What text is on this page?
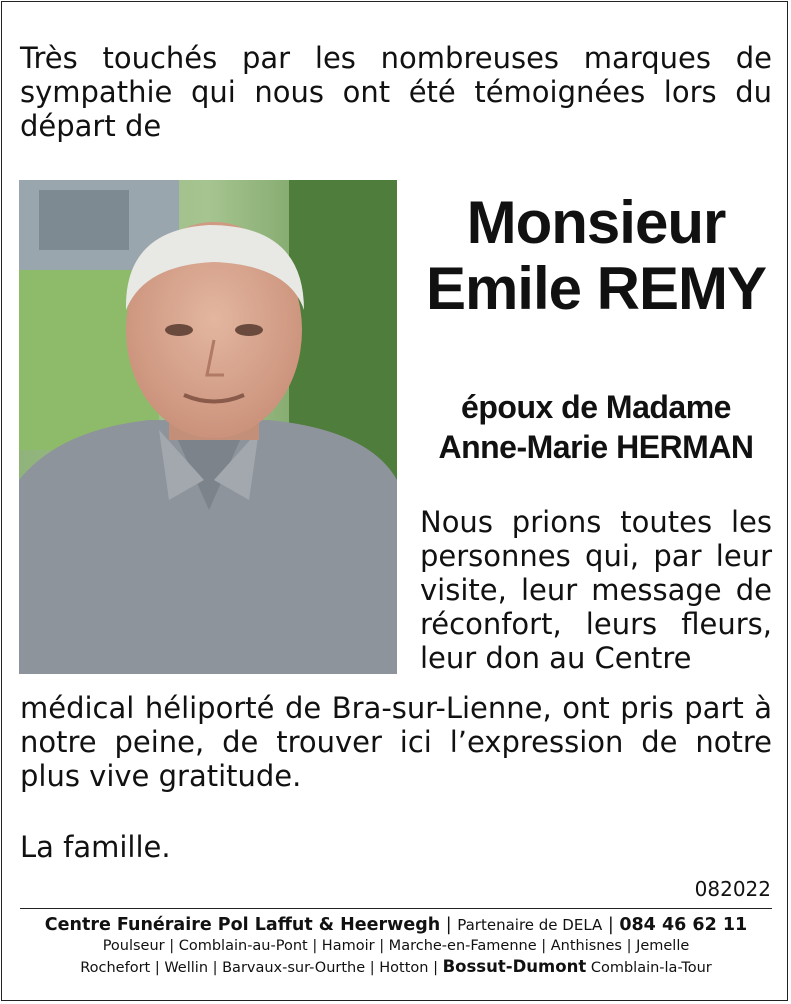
Très touchés par les nombreuses marques de sympathie qui nous ont été témoignées lors du départ de

Monsieur
Emile REMY
époux de Madame
Anne-Marie HERMAN

Nous prions toutes les personnes qui, par leur visite, leur message de réconfort, leurs fleurs, leur don au Centre

médical héliporté de Bra-sur-Lienne, ont pris part à notre peine, de trouver ici l’expression de notre plus vive gratitude.

La famille.
082022
Centre Funéraire Pol Laffut & Heerwegh | Partenaire de DELA | 084 46 62 11
Poulseur | Comblain-au-Pont | Hamoir | Marche-en-Famenne | Anthisnes | Jemelle
Rochefort | Wellin | Barvaux-sur-Ourthe | Hotton | Bossut-Dumont Comblain-la-Tour
